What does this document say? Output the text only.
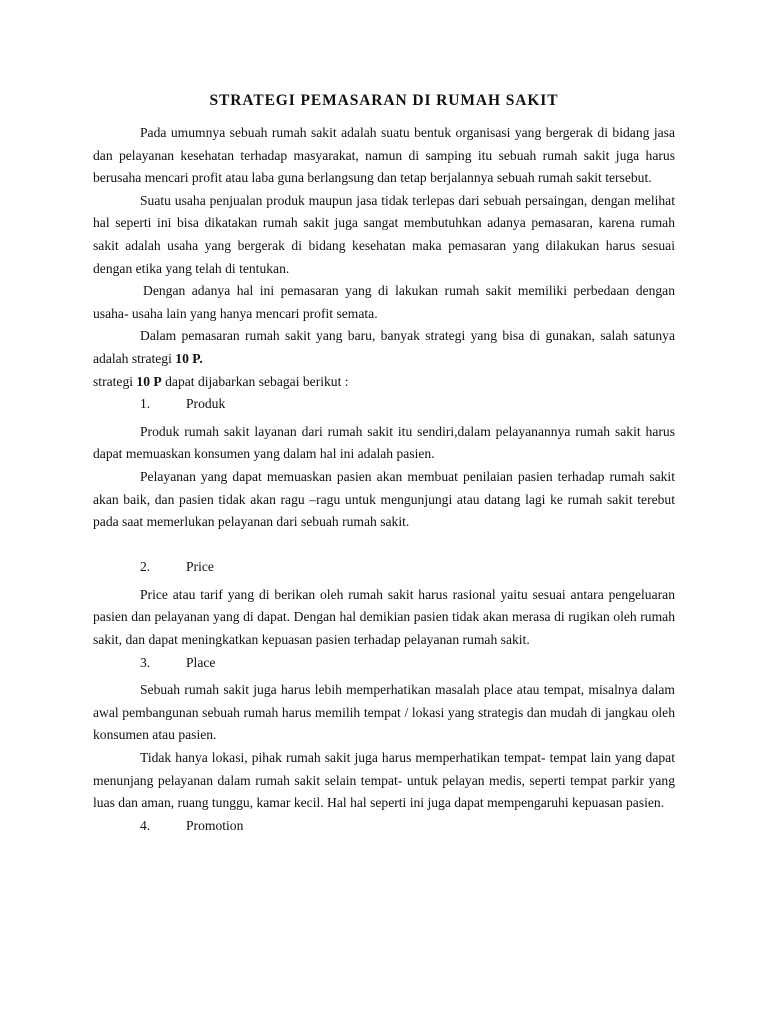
STRATEGI PEMASARAN DI RUMAH SAKIT

Pada umumnya sebuah rumah sakit adalah suatu bentuk organisasi yang bergerak di bidang jasa dan pelayanan kesehatan terhadap masyarakat, namun di samping itu sebuah rumah sakit juga harus berusaha mencari profit atau laba guna berlangsung dan tetap berjalannya sebuah rumah sakit tersebut.

Suatu usaha penjualan produk maupun jasa tidak terlepas dari sebuah persaingan, dengan melihat hal seperti ini bisa dikatakan rumah sakit juga sangat membutuhkan adanya pemasaran, karena rumah sakit adalah usaha yang bergerak di bidang kesehatan maka pemasaran yang dilakukan harus sesuai dengan etika yang telah di tentukan.

Dengan adanya hal ini pemasaran yang di lakukan rumah sakit memiliki perbedaan dengan usaha- usaha lain yang hanya mencari profit semata.

Dalam pemasaran rumah sakit yang baru, banyak strategi yang bisa di gunakan, salah satunya adalah strategi 10 P.

strategi 10 P dapat dijabarkan sebagai berikut :

1.	Produk

Produk rumah sakit layanan dari rumah sakit itu sendiri,dalam pelayanannya rumah sakit harus dapat memuaskan konsumen yang dalam hal ini adalah pasien.

Pelayanan yang dapat memuaskan pasien akan membuat penilaian pasien terhadap rumah sakit akan baik, dan pasien tidak akan ragu –ragu untuk mengunjungi atau datang lagi ke rumah sakit terebut pada saat memerlukan pelayanan dari sebuah rumah sakit.

2.	Price

Price atau tarif yang di berikan oleh rumah sakit harus rasional yaitu sesuai antara pengeluaran pasien dan pelayanan yang di dapat. Dengan hal demikian pasien tidak akan merasa di rugikan oleh rumah sakit, dan dapat meningkatkan kepuasan pasien terhadap pelayanan rumah sakit.

3.	Place

Sebuah rumah sakit juga harus lebih memperhatikan masalah place atau tempat, misalnya dalam awal pembangunan sebuah rumah harus memilih tempat / lokasi yang strategis dan mudah di jangkau oleh konsumen atau pasien.

Tidak hanya lokasi, pihak rumah sakit juga harus memperhatikan tempat- tempat lain yang dapat menunjang pelayanan dalam rumah sakit selain tempat- untuk pelayan medis, seperti tempat parkir yang luas dan aman, ruang tunggu, kamar kecil. Hal hal seperti ini juga dapat mempengaruhi kepuasan pasien.

4.	Promotion
